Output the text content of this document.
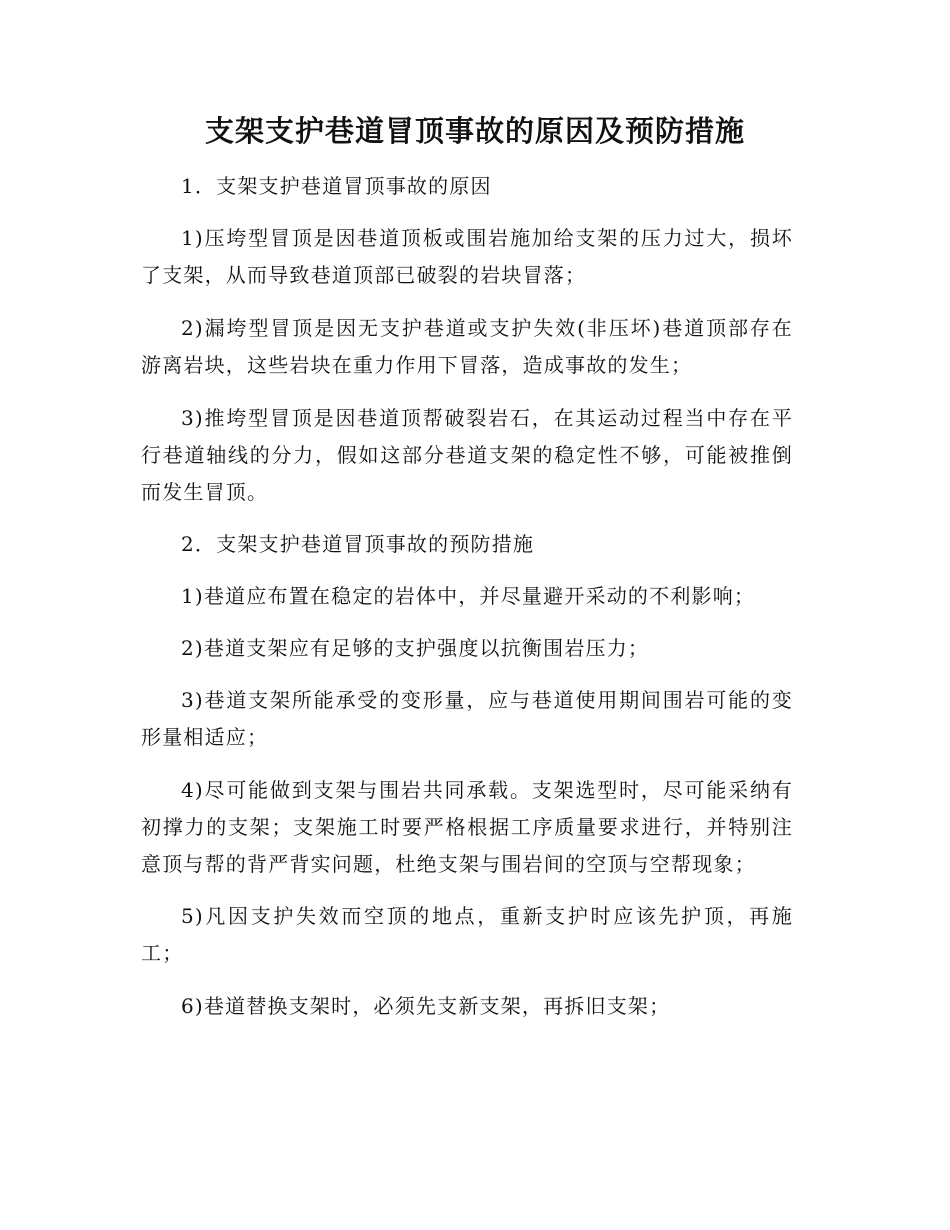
支架支护巷道冒顶事故的原因及预防措施

1．支架支护巷道冒顶事故的原因

1)压垮型冒顶是因巷道顶板或围岩施加给支架的压力过大，损坏了支架，从而导致巷道顶部已破裂的岩块冒落；

2)漏垮型冒顶是因无支护巷道或支护失效(非压坏)巷道顶部存在游离岩块，这些岩块在重力作用下冒落，造成事故的发生；

3)推垮型冒顶是因巷道顶帮破裂岩石，在其运动过程当中存在平行巷道轴线的分力，假如这部分巷道支架的稳定性不够，可能被推倒而发生冒顶。

2．支架支护巷道冒顶事故的预防措施

1)巷道应布置在稳定的岩体中，并尽量避开采动的不利影响；

2)巷道支架应有足够的支护强度以抗衡围岩压力；

3)巷道支架所能承受的变形量，应与巷道使用期间围岩可能的变形量相适应；

4)尽可能做到支架与围岩共同承载。支架选型时，尽可能采纳有初撑力的支架；支架施工时要严格根据工序质量要求进行，并特别注意顶与帮的背严背实问题，杜绝支架与围岩间的空顶与空帮现象；

5)凡因支护失效而空顶的地点，重新支护时应该先护顶，再施工；

6)巷道替换支架时，必须先支新支架，再拆旧支架；
